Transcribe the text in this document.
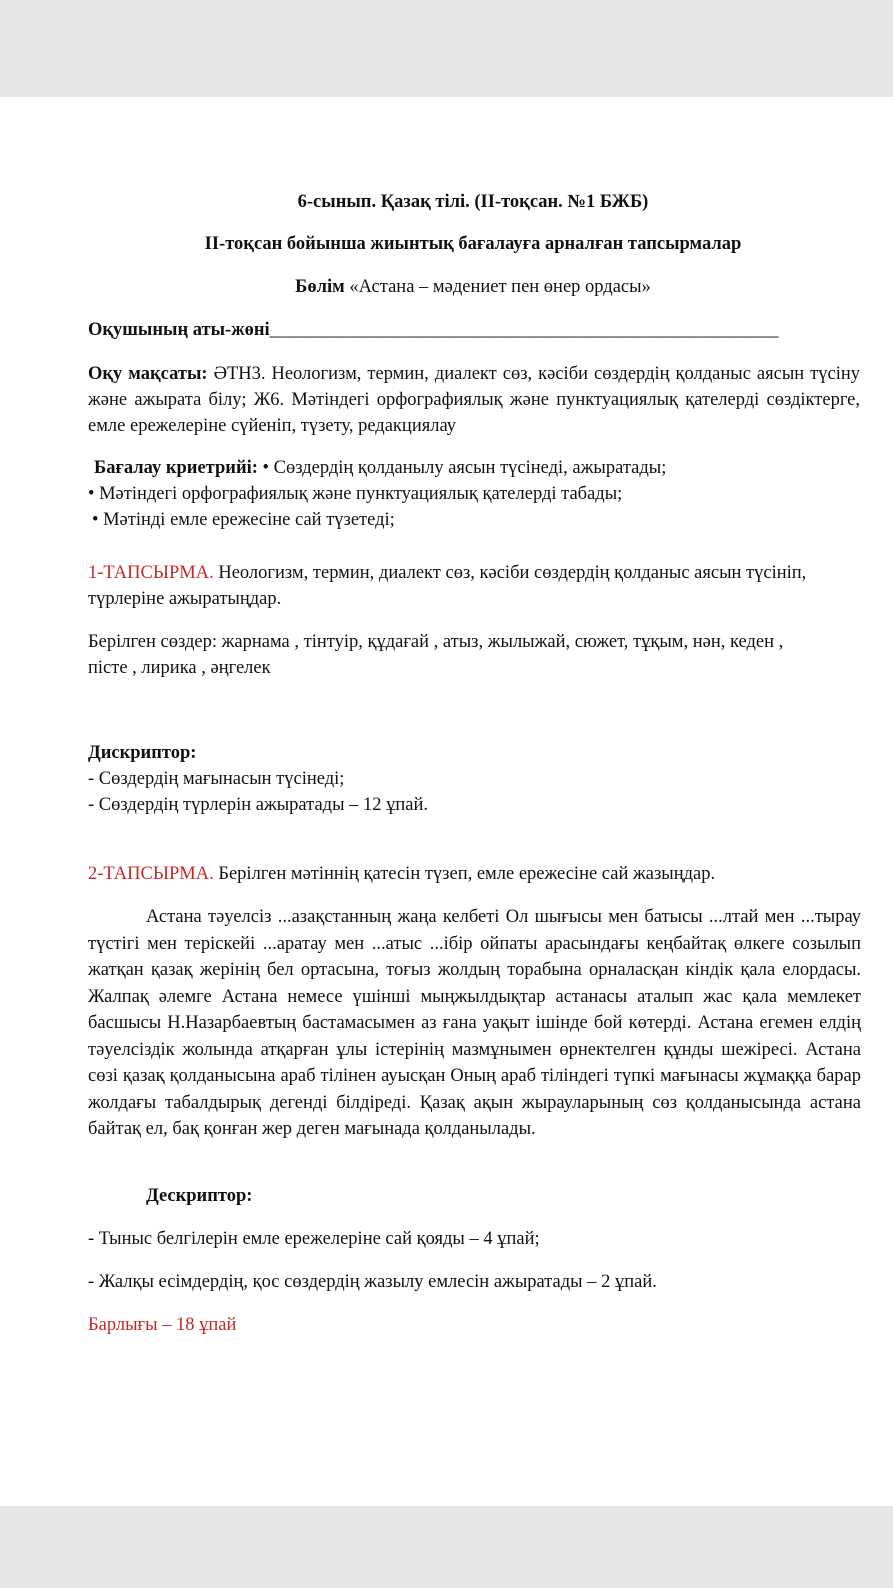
6-сынып. Қазақ тілі. (ІІ-тоқсан. №1 БЖБ)

ІІ-тоқсан бойынша жиынтық бағалауға арналған тапсырмалар

Бөлім «Астана – мәдениет пен өнер ордасы»

Оқушының аты-жөні_______________________________________________________

Оқу мақсаты: ӘТН3. Неологизм, термин, диалект сөз, кәсіби сөздердің қолданыс аясын түсіну және ажырата білу; Ж6. Мәтіндегі орфографиялық және пунктуациялық қателерді сөздіктерге, емле ережелеріне сүйеніп, түзету, редакциялау

Бағалау криетрийі: • Сөздердің қолданылу аясын түсінеді, ажыратады;

• Мәтіндегі орфографиялық және пунктуациялық қателерді табады;

• Мәтінді емле ережесіне сай түзетеді;

1-ТАПСЫРМА. Неологизм, термин, диалект сөз, кәсіби сөздердің қолданыс аясын түсініп, түрлеріне ажыратыңдар.

Берілген сөздер: жарнама , тінтуір, құдағай , атыз, жылыжай, сюжет, тұқым, нән, кеден , пісте , лирика , әңгелек

Дискриптор:

- Сөздердің мағынасын түсінеді;

- Сөздердің түрлерін ажыратады – 12 ұпай.

2-ТАПСЫРМА. Берілген мәтіннің қатесін түзеп, емле ережесіне сай жазыңдар.

Астана тәуелсіз ...азақстанның жаңа келбеті Ол шығысы мен батысы ...лтай мен ...тырау түстігі мен теріскейі ...аратау мен ...атыс ...ібір ойпаты арасындағы кеңбайтақ өлкеге созылып жатқан қазақ жерінің бел ортасына, тоғыз жолдың торабына орналасқан кіндік қала елордасы. Жалпақ әлемге Астана немесе үшінші мыңжылдықтар астанасы аталып жас қала мемлекет басшысы Н.Назарбаевтың бастамасымен аз ғана уақыт ішінде бой көтерді. Астана егемен елдің тәуелсіздік жолында атқарған ұлы істерінің мазмұнымен өрнектелген құнды шежіресі. Астана сөзі қазақ қолданысына араб тілінен ауысқан Оның араб тіліндегі түпкі мағынасы жұмаққа барар жолдағы табалдырық дегенді білдіреді. Қазақ ақын жырауларының сөз қолданысында астана байтақ ел, бақ қонған жер деген мағынада қолданылады.

Дескриптор:

- Тыныс белгілерін емле ережелеріне сай қояды – 4 ұпай;

- Жалқы есімдердің, қос сөздердің жазылу емлесін ажыратады – 2 ұпай.

Барлығы – 18 ұпай
